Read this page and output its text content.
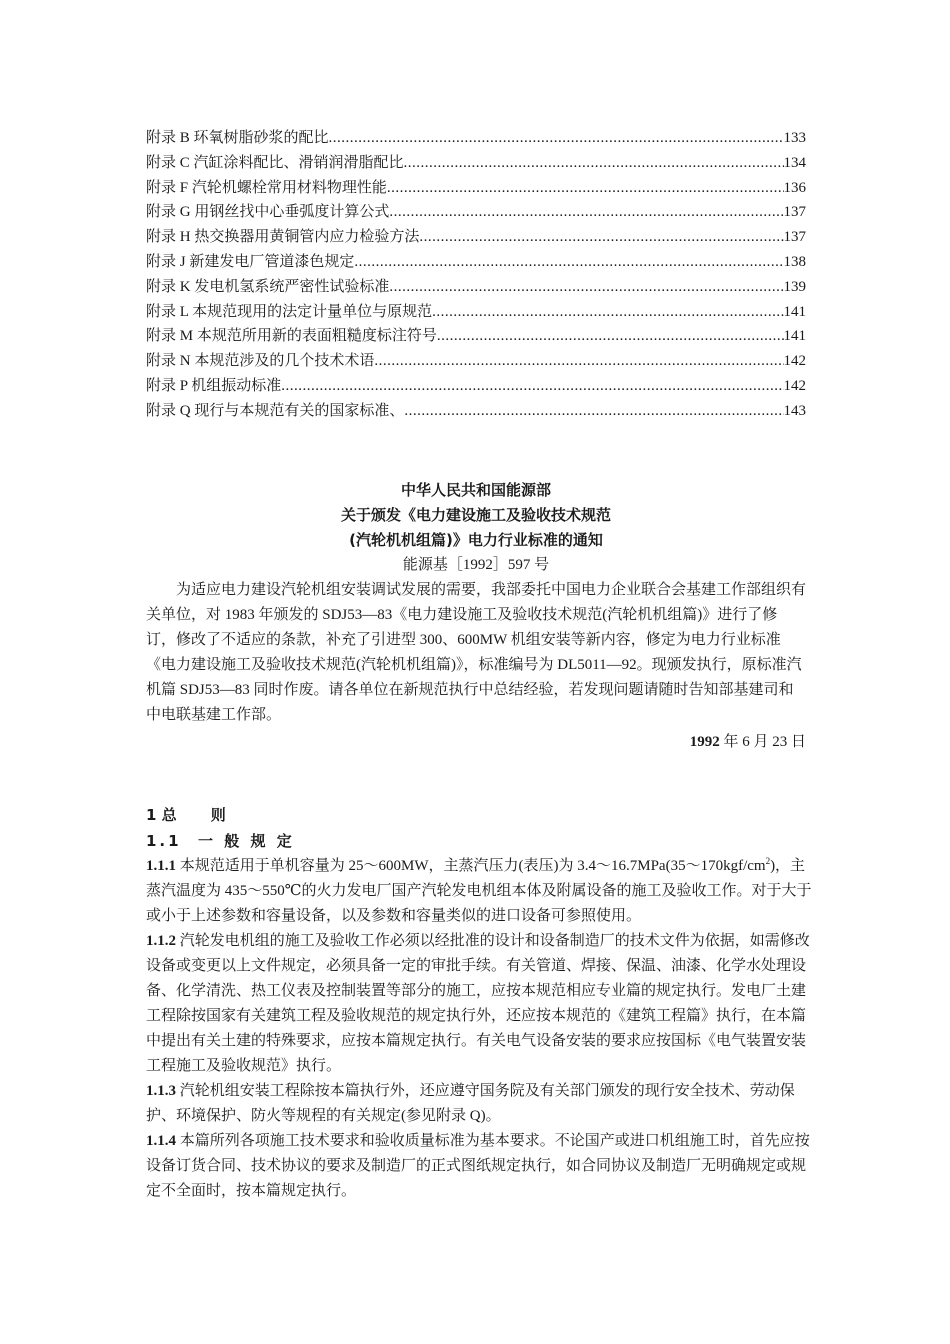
附录 B 环氧树脂砂浆的配比 .....	133
附录 C 汽缸涂料配比、滑销润滑脂配比 .....	134
附录 F 汽轮机螺栓常用材料物理性能 .....	136
附录 G 用钢丝找中心垂弧度计算公式 .....	137
附录 H 热交换器用黄铜管内应力检验方法 .....	137
附录 J 新建发电厂管道漆色规定 .....	138
附录 K 发电机氢系统严密性试验标准 .....	139
附录 L 本规范现用的法定计量单位与原规范 .....	141
附录 M 本规范所用新的表面粗糙度标注符号 .....	141
附录 N 本规范涉及的几个技术术语 .....	142
附录 P 机组振动标准 .....	142
附录 Q 现行与本规范有关的国家标准、 .....	143
中华人民共和国能源部
关于颁发《电力建设施工及验收技术规范
(汽轮机机组篇)》电力行业标准的通知
能源基［1992］597 号

为适应电力建设汽轮机组安装调试发展的需要，我部委托中国电力企业联合会基建工作部组织有关单位，对 1983 年颁发的 SDJ53—83《电力建设施工及验收技术规范(汽轮机机组篇)》进行了修订，修改了不适应的条款，补充了引进型 300、600MW 机组安装等新内容，修定为电力行业标准《电力建设施工及验收技术规范(汽轮机机组篇)》，标准编号为 DL5011—92。现颁发执行，原标准汽机篇 SDJ53—83 同时作废。请各单位在新规范执行中总结经验，若发现问题请随时告知部基建司和中电联基建工作部。

1992 年 6 月 23 日
1 总 则
1.1 一 般 规 定

1.1.1 本规范适用于单机容量为 25～600MW，主蒸汽压力(表压)为 $3.4\sim 16.7MPa(35\sim 170kgf/cm^2)$，主蒸汽温度为 435～550℃的火力发电厂国产汽轮发电机组本体及附属设备的施工及验收工作。对于大于或小于上述参数和容量设备，以及参数和容量类似的进口设备可参照使用。

1.1.2 汽轮发电机组的施工及验收工作必须以经批准的设计和设备制造厂的技术文件为依据，如需修改设备或变更以上文件规定，必须具备一定的审批手续。有关管道、焊接、保温、油漆、化学水处理设备、化学清洗、热工仪表及控制装置等部分的施工，应按本规范相应专业篇的规定执行。发电厂土建工程除按国家有关建筑工程及验收规范的规定执行外，还应按本规范的《建筑工程篇》执行，在本篇中提出有关土建的特殊要求，应按本篇规定执行。有关电气设备安装的要求应按国标《电气装置安装工程施工及验收规范》执行。

1.1.3 汽轮机组安装工程除按本篇执行外，还应遵守国务院及有关部门颁发的现行安全技术、劳动保护、环境保护、防火等规程的有关规定(参见附录 Q)。

1.1.4 本篇所列各项施工技术要求和验收质量标准为基本要求。不论国产或进口机组施工时，首先应按设备订货合同、技术协议的要求及制造厂的正式图纸规定执行，如合同协议及制造厂无明确规定或规定不全面时，按本篇规定执行。
